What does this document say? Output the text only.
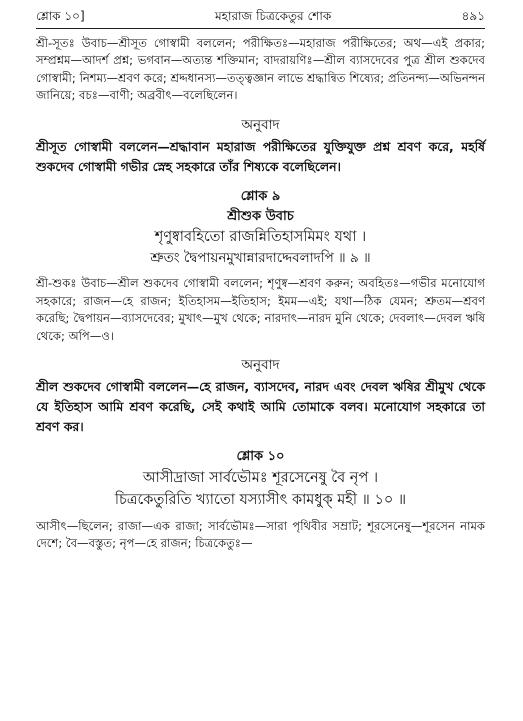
শ্লোক ১০]	মহারাজ চিত্রকেতুর শোক	৪৯১

শ্রী-সূতঃ উবাচ—শ্রীসূত গোস্বামী বললেন; পরীক্ষিতঃ—মহারাজ পরীক্ষিতের; অথ—এই প্রকার; সম্প্রশ্নম—আদর্শ প্রশ্ন; ভগবান—অত্যন্ত শক্তিমান; বাদরায়ণিঃ—শ্রীল ব্যাসদেবের পুত্র শ্রীল শুকদেব গোস্বামী; নিশম্য—শ্রবণ করে; শ্রদ্দধানস্য—তত্ত্বজ্ঞান লাভে শ্রদ্ধান্বিত শিষ্যের; প্রতিনন্দ্য—অভিনন্দন জানিয়ে; বচঃ—বাণী; অব্রবীৎ—বলেছিলেন।

অনুবাদ

শ্রীসূত গোস্বামী বললেন—শ্রদ্ধাবান মহারাজ পরীক্ষিতের যুক্তিযুক্ত প্রশ্ন শ্রবণ করে, মহর্ষি শুকদেব গোস্বামী গভীর স্নেহ সহকারে তাঁর শিষ্যকে বলেছিলেন।

শ্লোক ৯

শ্রীশুক উবাচ

শৃণুষ্বাবহিতো রাজন্নিতিহাসমিমং যথা ।

শ্রুতং দ্বৈপায়নমুখান্নারদাদ্দেবলাদপি ॥ ৯ ॥

শ্রী-শুকঃ উবাচ—শ্রীল শুকদেব গোস্বামী বললেন; শৃণুষ্ব—শ্রবণ করুন; অবহিতঃ—গভীর মনোযোগ সহকারে; রাজন—হে রাজন; ইতিহাসম—ইতিহাস; ইমম—এই; যথা—ঠিক যেমন; শ্রুতম—শ্রবণ করেছি; দ্বৈপায়ন—ব্যাসদেবের; মুখাৎ—মুখ থেকে; নারদাৎ—নারদ মুনি থেকে; দেবলাৎ—দেবল ঋষি থেকে; অপি—ও।

অনুবাদ

শ্রীল শুকদেব গোস্বামী বললেন—হে রাজন, ব্যাসদেব, নারদ এবং দেবল ঋষির শ্রীমুখ থেকে যে ইতিহাস আমি শ্রবণ করেছি, সেই কথাই আমি তোমাকে বলব। মনোযোগ সহকারে তা শ্রবণ কর।

শ্লোক ১০

আসীদ্রাজা সার্বভৌমঃ শূরসেনেষু বৈ নৃপ ।

চিত্রকেতুরিতি খ্যাতো যস্যাসীৎ কামধুক্ মহী ॥ ১০ ॥

আসীৎ—ছিলেন; রাজা—এক রাজা; সার্বভৌমঃ—সারা পৃথিবীর সম্রাট; শূরসেনেষু—শূরসেন নামক দেশে; বৈ—বস্তুত; নৃপ—হে রাজন; চিত্রকেতুঃ—
